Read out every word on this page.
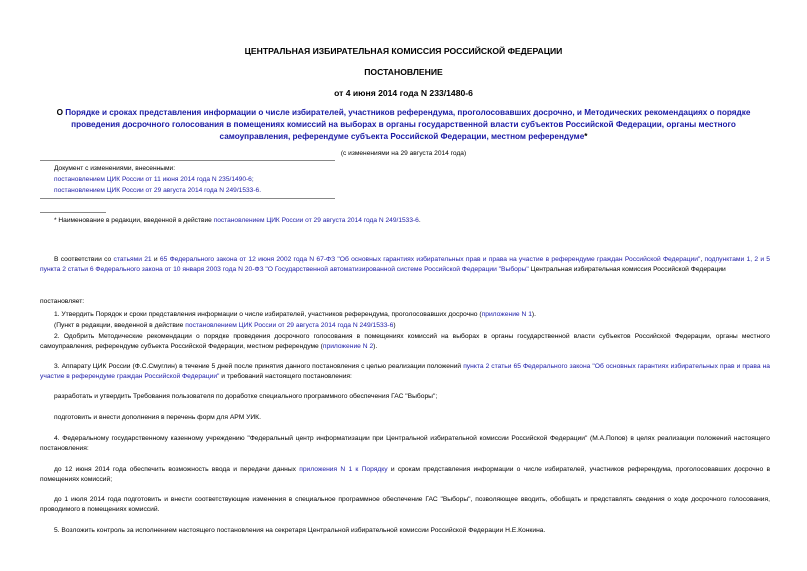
ЦЕНТРАЛЬНАЯ ИЗБИРАТЕЛЬНАЯ КОМИССИЯ РОССИЙСКОЙ ФЕДЕРАЦИИ
ПОСТАНОВЛЕНИЕ
от 4 июня 2014 года N 233/1480-6
О Порядке и сроках представления информации о числе избирателей, участников референдума, проголосовавших досрочно, и Методических рекомендациях о порядке проведения досрочного голосования в помещениях комиссий на выборах в органы государственной власти субъектов Российской Федерации, органы местного самоуправления, референдуме субъекта Российской Федерации, местном референдуме*
(с изменениями на 29 августа 2014 года)
Документ с изменениями, внесенными:
постановлением ЦИК России от 11 июня 2014 года N 235/1490-6;
постановлением ЦИК России от 29 августа 2014 года N 249/1533-6.
* Наименование в редакции, введенной в действие постановлением ЦИК России от 29 августа 2014 года N 249/1533-6.
В соответствии со статьями 21 и 65 Федерального закона от 12 июня 2002 года N 67-ФЗ "Об основных гарантиях избирательных прав и права на участие в референдуме граждан Российской Федерации", подпунктами 1, 2 и 5 пункта 2 статьи 6 Федерального закона от 10 января 2003 года N 20-ФЗ "О Государственной автоматизированной системе Российской Федерации "Выборы" Центральная избирательная комиссия Российской Федерации
постановляет:
1. Утвердить Порядок и сроки представления информации о числе избирателей, участников референдума, проголосовавших досрочно (приложение N 1).
(Пункт в редакции, введенной в действие постановлением ЦИК России от 29 августа 2014 года N 249/1533-6)
2. Одобрить Методические рекомендации о порядке проведения досрочного голосования в помещениях комиссий на выборах в органы государственной власти субъектов Российской Федерации, органы местного самоуправления, референдуме субъекта Российской Федерации, местном референдуме (приложение N 2).
3. Аппарату ЦИК России (Ф.С.Смуглин) в течение 5 дней после принятия данного постановления с целью реализации положений пункта 2 статьи 65 Федерального закона "Об основных гарантиях избирательных прав и права на участие в референдуме граждан Российской Федерации" и требований настоящего постановления:
разработать и утвердить Требования пользователя по доработке специального программного обеспечения ГАС "Выборы";
подготовить и внести дополнения в перечень форм для АРМ УИК.
4. Федеральному государственному казенному учреждению "Федеральный центр информатизации при Центральной избирательной комиссии Российской Федерации" (М.А.Попов) в целях реализации положений настоящего постановления:
до 12 июня 2014 года обеспечить возможность ввода и передачи данных приложения N 1 к Порядку и срокам представления информации о числе избирателей, участников референдума, проголосовавших досрочно в помещениях комиссий;
до 1 июля 2014 года подготовить и внести соответствующие изменения в специальное программное обеспечение ГАС "Выборы", позволяющее вводить, обобщать и представлять сведения о ходе досрочного голосования, проводимого в помещениях комиссий.
5. Возложить контроль за исполнением настоящего постановления на секретаря Центральной избирательной комиссии Российской Федерации Н.Е.Конкина.
